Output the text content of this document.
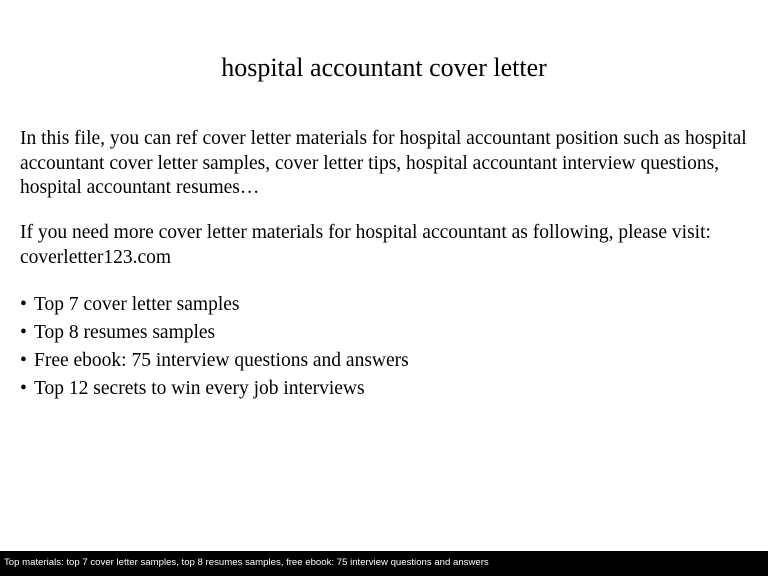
hospital accountant cover letter

In this file, you can ref cover letter materials for hospital accountant position such as hospital accountant cover letter samples, cover letter tips, hospital accountant interview questions, hospital accountant resumes…

If you need more cover letter materials for hospital accountant as following, please visit: coverletter123.com

• Top 7 cover letter samples
• Top 8 resumes samples
• Free ebook: 75 interview questions and answers
• Top 12 secrets to win every job interviews
Top materials: top 7 cover letter samples, top 8 resumes samples, free ebook: 75 interview questions and answers
